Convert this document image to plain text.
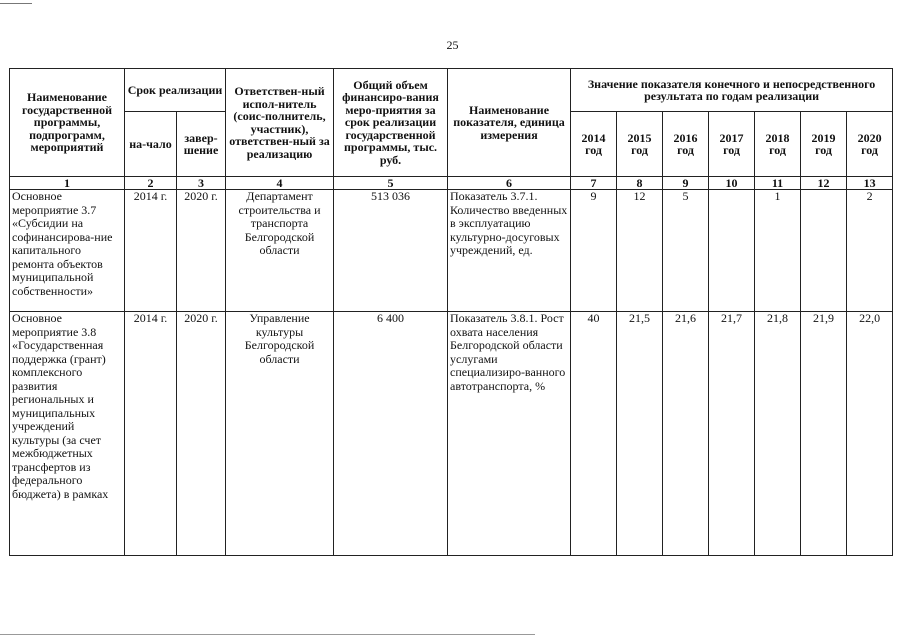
25
Наименование государственной программы, подпрограмм, мероприятий	Срок реализации		Ответствен-ный испол-нитель (соис-полнитель, участник), ответствен-ный за реализацию	Общий объем финансиро-вания меро-приятия за срок реализации государственной программы, тыс. руб.	Наименование показателя, единица измерения	Значение показателя конечного и непосредственного результата по годам реализации						
	на-чало	завер-шение				2014 год	2015 год	2016 год	2017 год	2018 год	2019 год	2020 год
1	2	3	4	5	6	7	8	9	10	11	12	13
Основное мероприятие 3.7 «Субсидии на софинансирова-ние капитального ремонта объектов муниципальной собственности»	2014 г.	2020 г.	Департамент строительства и транспорта Белгородской области	513 036	Показатель 3.7.1. Количество введенных в эксплуатацию культурно-досуговых учреждений, ед.	9	12	5		1		2
Основное мероприятие 3.8 «Государственная поддержка (грант) комплексного развития региональных и муниципальных учреждений культуры (за счет межбюджетных трансфертов из федерального бюджета) в рамках	2014 г.	2020 г.	Управление культуры Белгородской области	6 400	Показатель 3.8.1. Рост охвата населения Белгородской области услугами специализиро-ванного автотранспорта, %	40	21,5	21,6	21,7	21,8	21,9	22,0
